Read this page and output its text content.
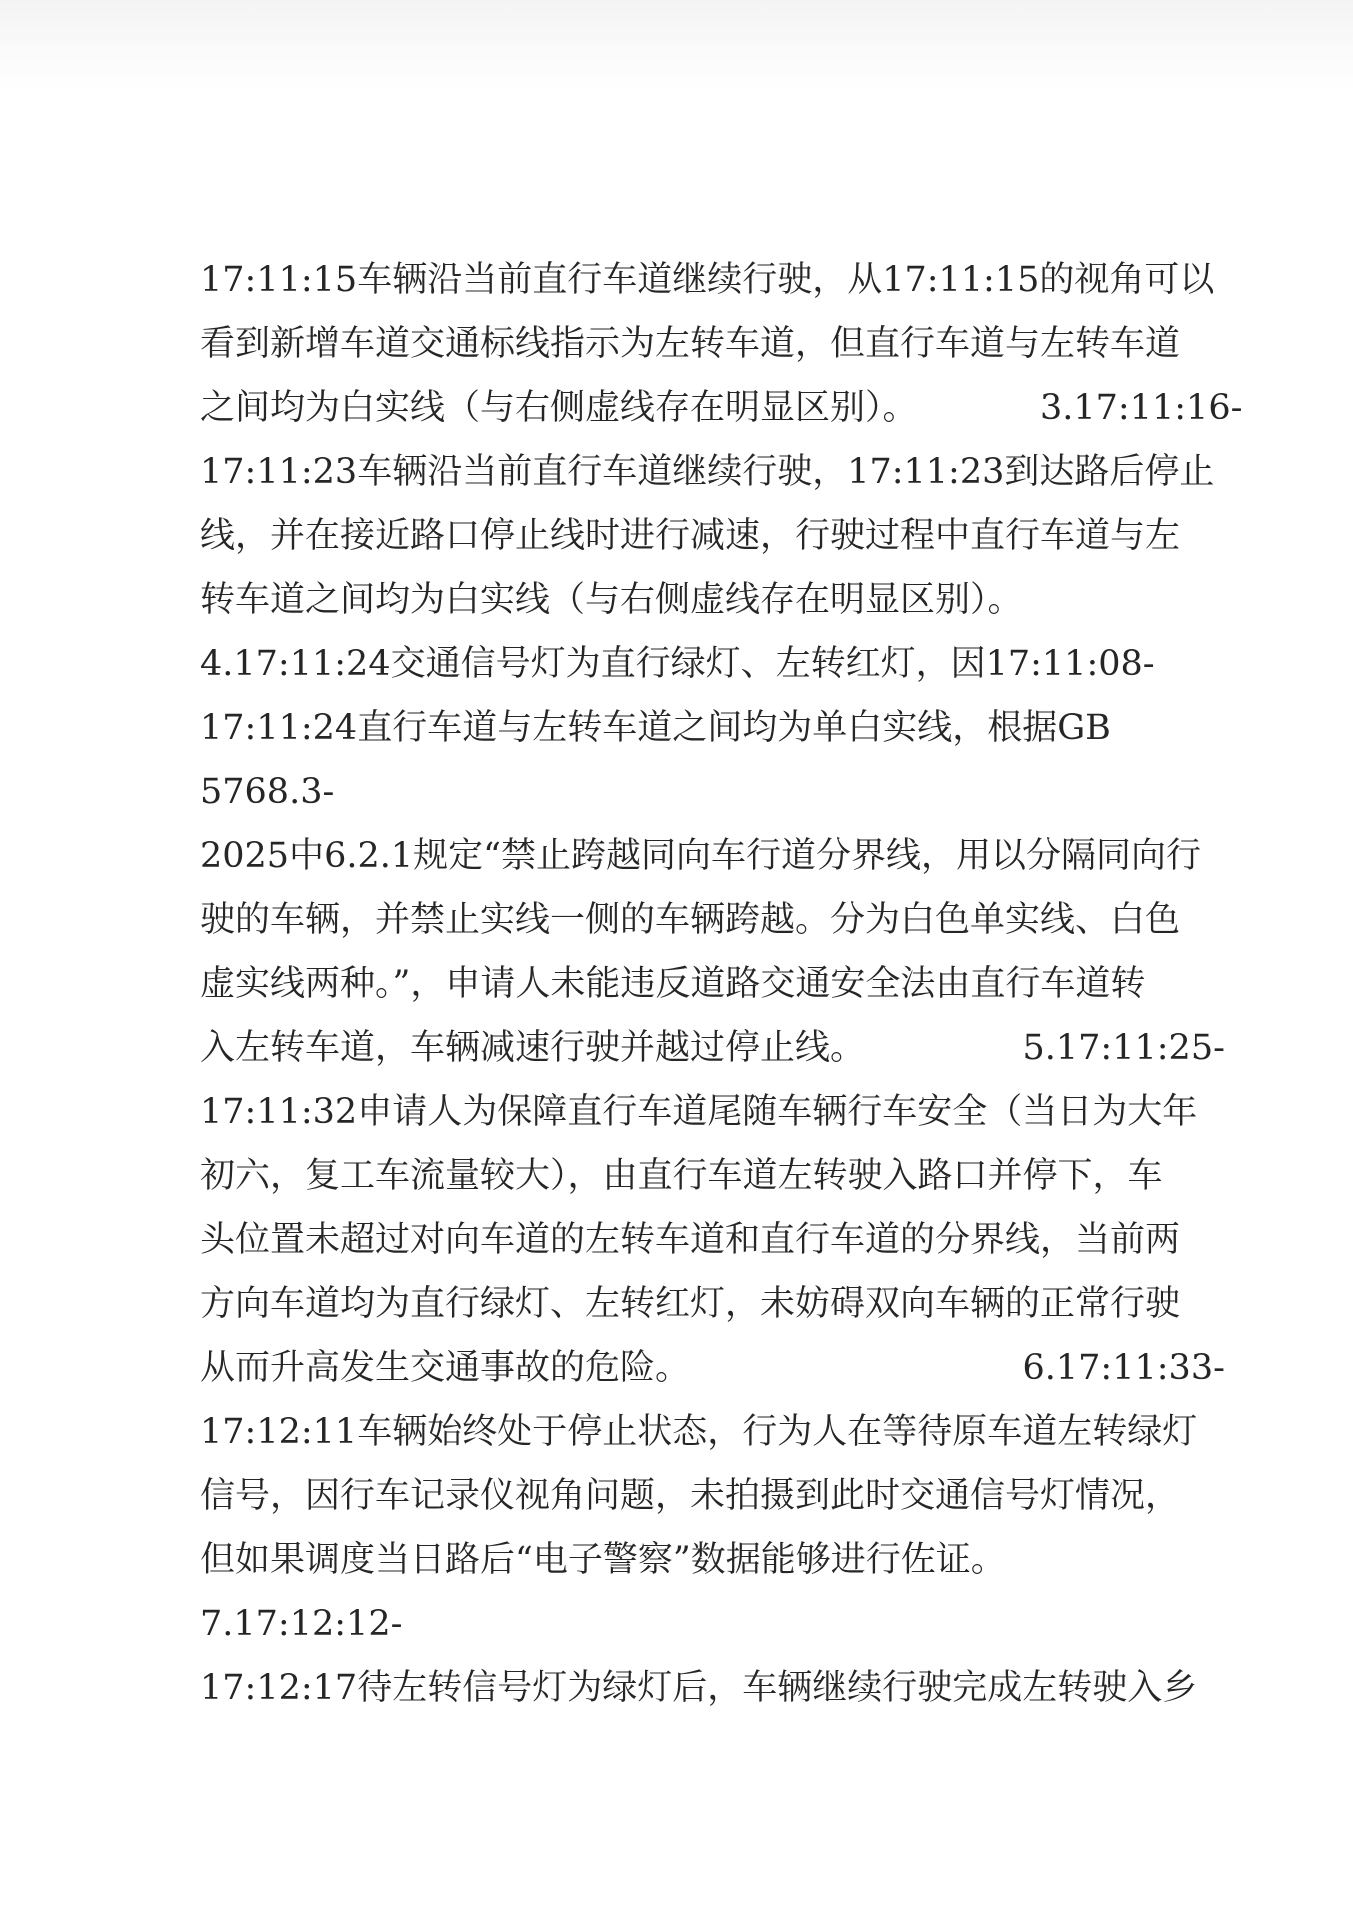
17:11:15车辆沿当前直行车道继续行驶，从17:11:15的视角可以
看到新增车道交通标线指示为左转车道，但直行车道与左转车道
之间均为白实线（与右侧虚线存在明显区别）。　　　　3.17:11:16-
17:11:23车辆沿当前直行车道继续行驶，17:11:23到达路后停止
线，并在接近路口停止线时进行减速，行驶过程中直行车道与左
转车道之间均为白实线（与右侧虚线存在明显区别）。
4.17:11:24交通信号灯为直行绿灯、左转红灯，因17:11:08-
17:11:24直行车道与左转车道之间均为单白实线，根据GB
5768.3-
2025中6.2.1规定“禁止跨越同向车行道分界线，用以分隔同向行
驶的车辆，并禁止实线一侧的车辆跨越。分为白色单实线、白色
虚实线两种。”，申请人未能违反道路交通安全法由直行车道转
入左转车道，车辆减速行驶并越过停止线。　　　　　5.17:11:25-
17:11:32申请人为保障直行车道尾随车辆行车安全（当日为大年
初六，复工车流量较大），由直行车道左转驶入路口并停下，车
头位置未超过对向车道的左转车道和直行车道的分界线，当前两
方向车道均为直行绿灯、左转红灯，未妨碍双向车辆的正常行驶
从而升高发生交通事故的危险。　　　　　　　　　　6.17:11:33-
17:12:11车辆始终处于停止状态，行为人在等待原车道左转绿灯
信号，因行车记录仪视角问题，未拍摄到此时交通信号灯情况，
但如果调度当日路后“电子警察”数据能够进行佐证。
7.17:12:12-
17:12:17待左转信号灯为绿灯后，车辆继续行驶完成左转驶入乡
